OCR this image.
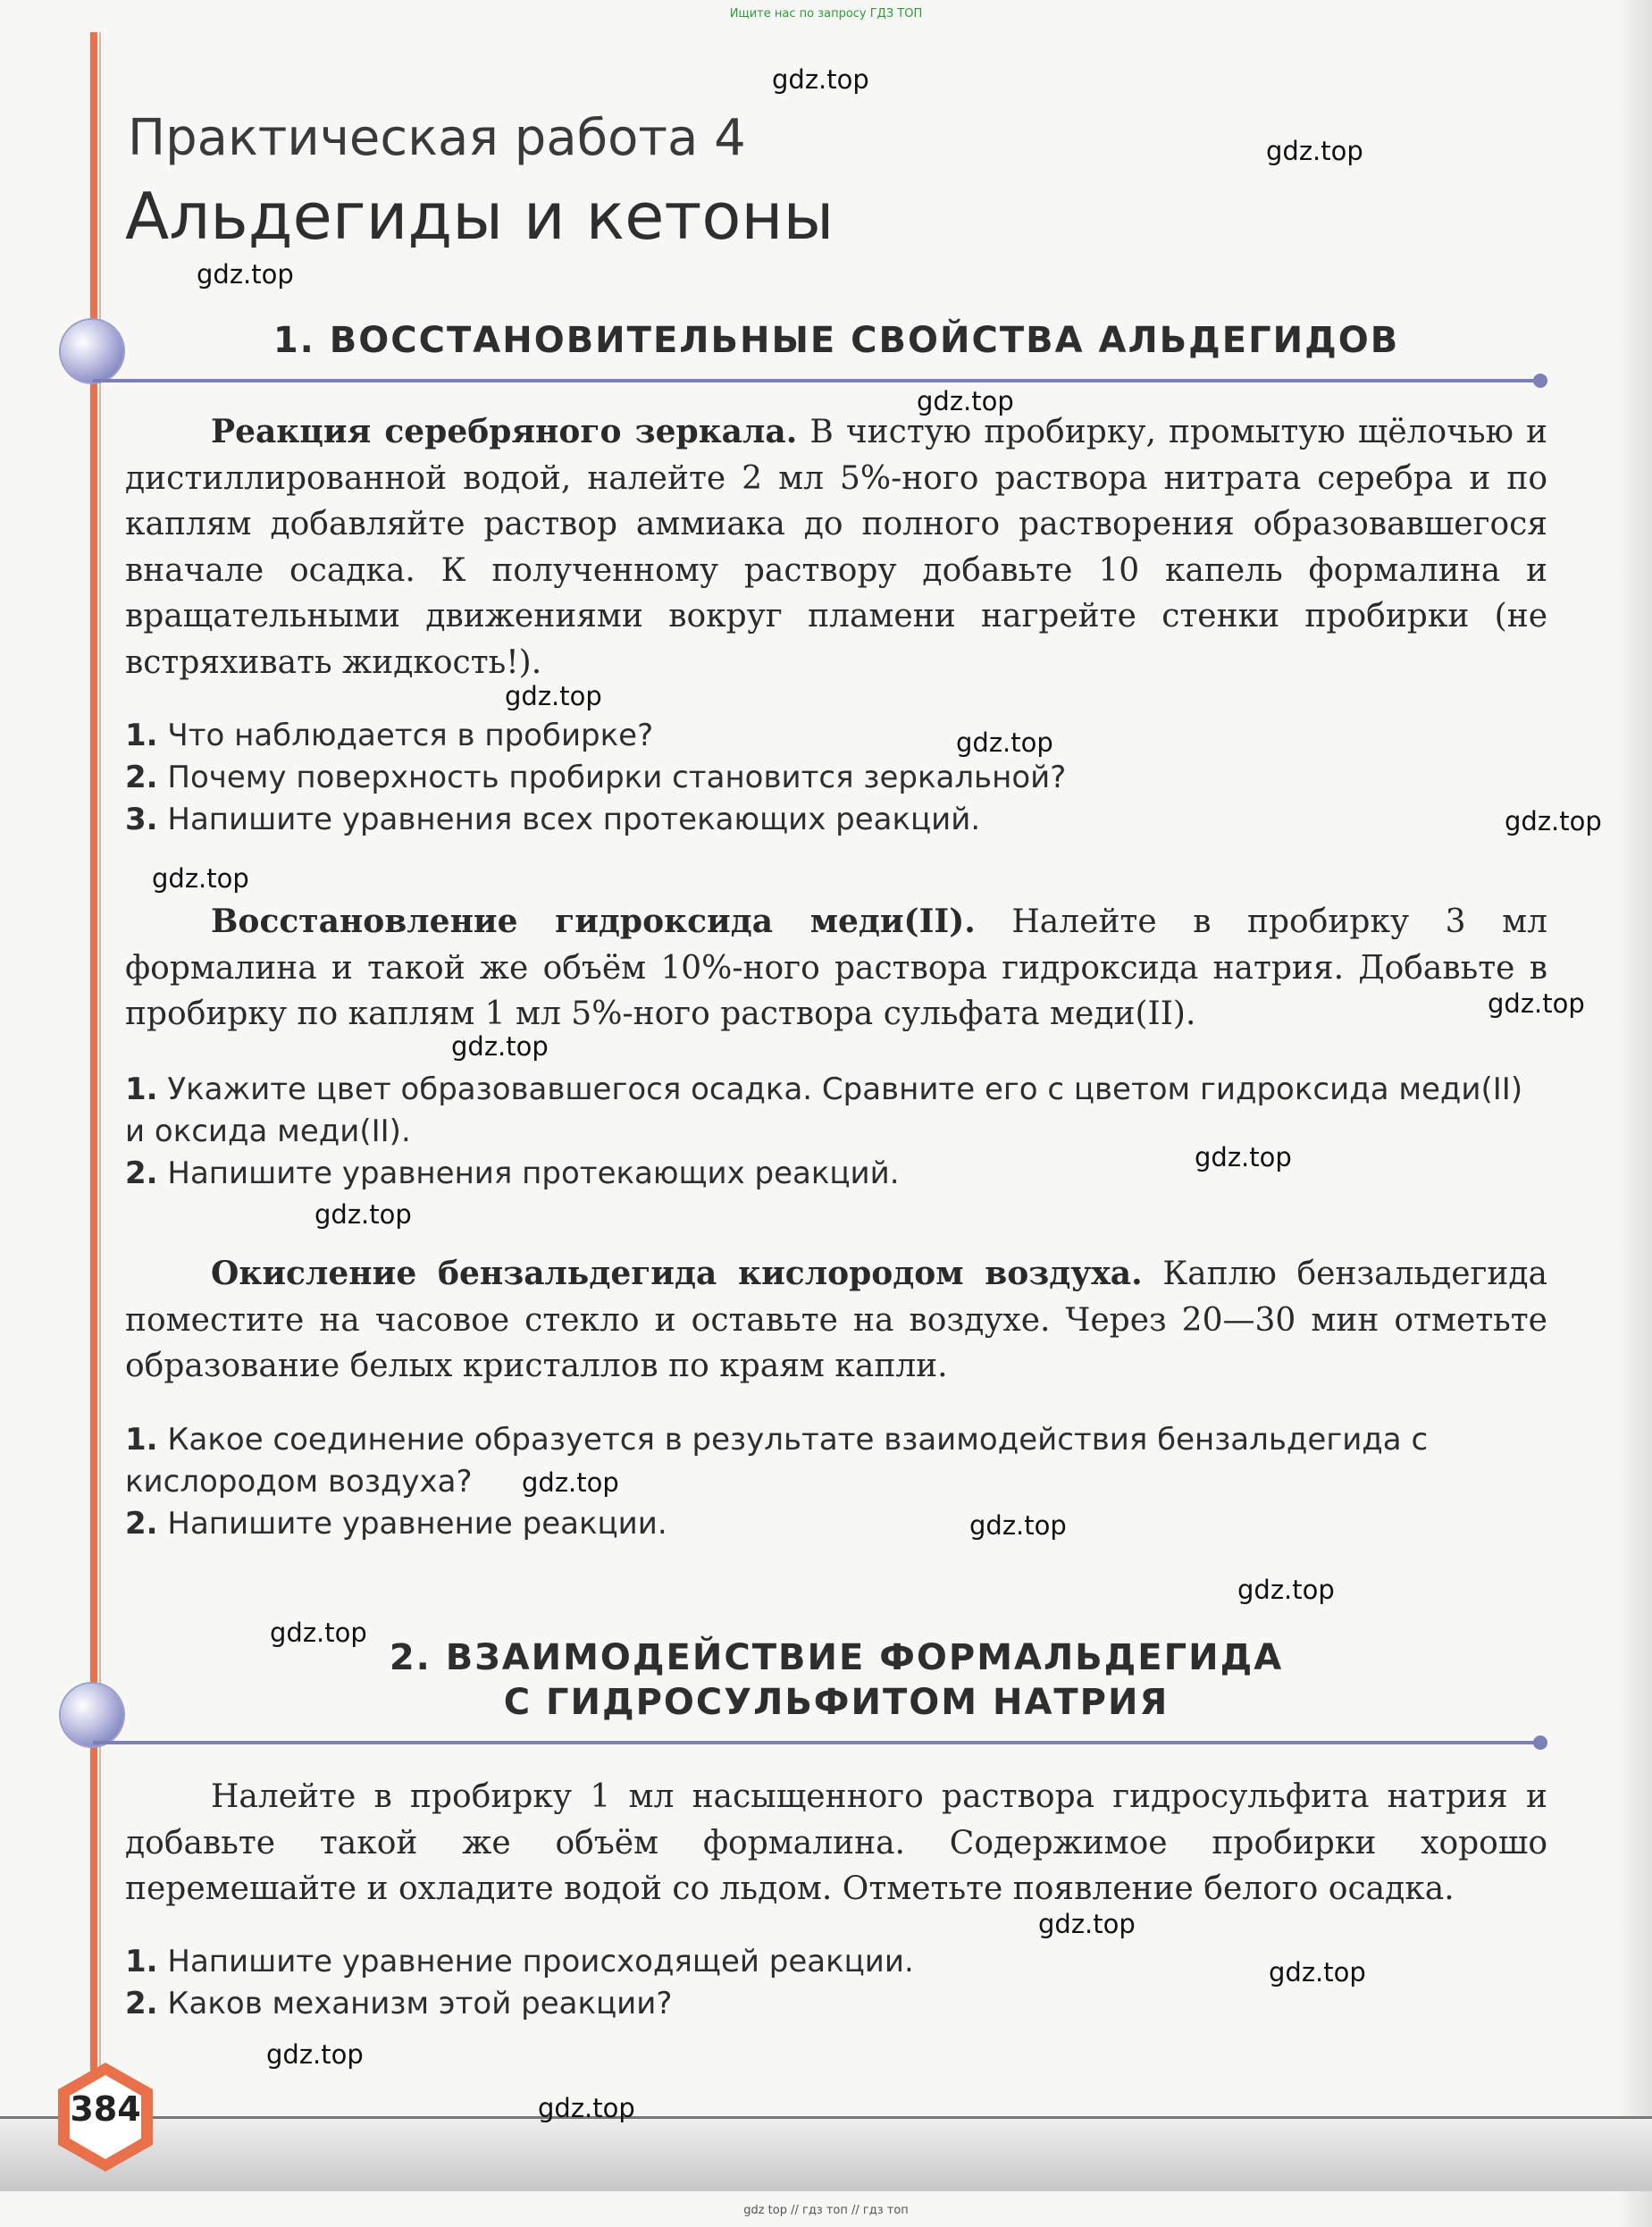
Ищите нас по запросу ГДЗ ТОП
Практическая работа 4
Альдегиды и кетоны
1. ВОССТАНОВИТЕЛЬНЫЕ СВОЙСТВА АЛЬДЕГИДОВ
Реакция серебряного зеркала. В чистую пробирку, промытую щёлочью и дистиллированной водой, налейте 2 мл 5%-ного раствора нитрата серебра и по каплям добавляйте раствор аммиака до полного растворения образовавшегося вначале осадка. К полученному раствору добавьте 10 капель формалина и вращательными движениями вокруг пламени нагрейте стенки пробирки (не встряхивать жидкость!).
1. Что наблюдается в пробирке?
2. Почему поверхность пробирки становится зеркальной?
3. Напишите уравнения всех протекающих реакций.
Восстановление гидроксида меди(II). Налейте в пробирку 3 мл формалина и такой же объём 10%-ного раствора гидроксида натрия. Добавьте в пробирку по каплям 1 мл 5%-ного раствора сульфата меди(II).
1. Укажите цвет образовавшегося осадка. Сравните его с цветом гидроксида меди(II) и оксида меди(II).
2. Напишите уравнения протекающих реакций.
Окисление бензальдегида кислородом воздуха. Каплю бензальдегида поместите на часовое стекло и оставьте на воздухе. Через 20—30 мин отметьте образование белых кристаллов по краям капли.
1. Какое соединение образуется в результате взаимодействия бензальдегида с кислородом воздуха?
2. Напишите уравнение реакции.
2. ВЗАИМОДЕЙСТВИЕ ФОРМАЛЬДЕГИДА
С ГИДРОСУЛЬФИТОМ НАТРИЯ
Налейте в пробирку 1 мл насыщенного раствора гидросульфита натрия и добавьте такой же объём формалина. Содержимое пробирки хорошо перемешайте и охладите водой со льдом. Отметьте появление белого осадка.
1. Напишите уравнение происходящей реакции.
2. Каков механизм этой реакции?
384
gdz top // гдз топ // гдз топ
gdz.top
gdz.top
gdz.top
gdz.top
gdz.top
gdz.top
gdz.top
gdz.top
gdz.top
gdz.top
gdz.top
gdz.top
gdz.top
gdz.top
gdz.top
gdz.top
gdz.top
gdz.top
gdz.top
gdz.top
